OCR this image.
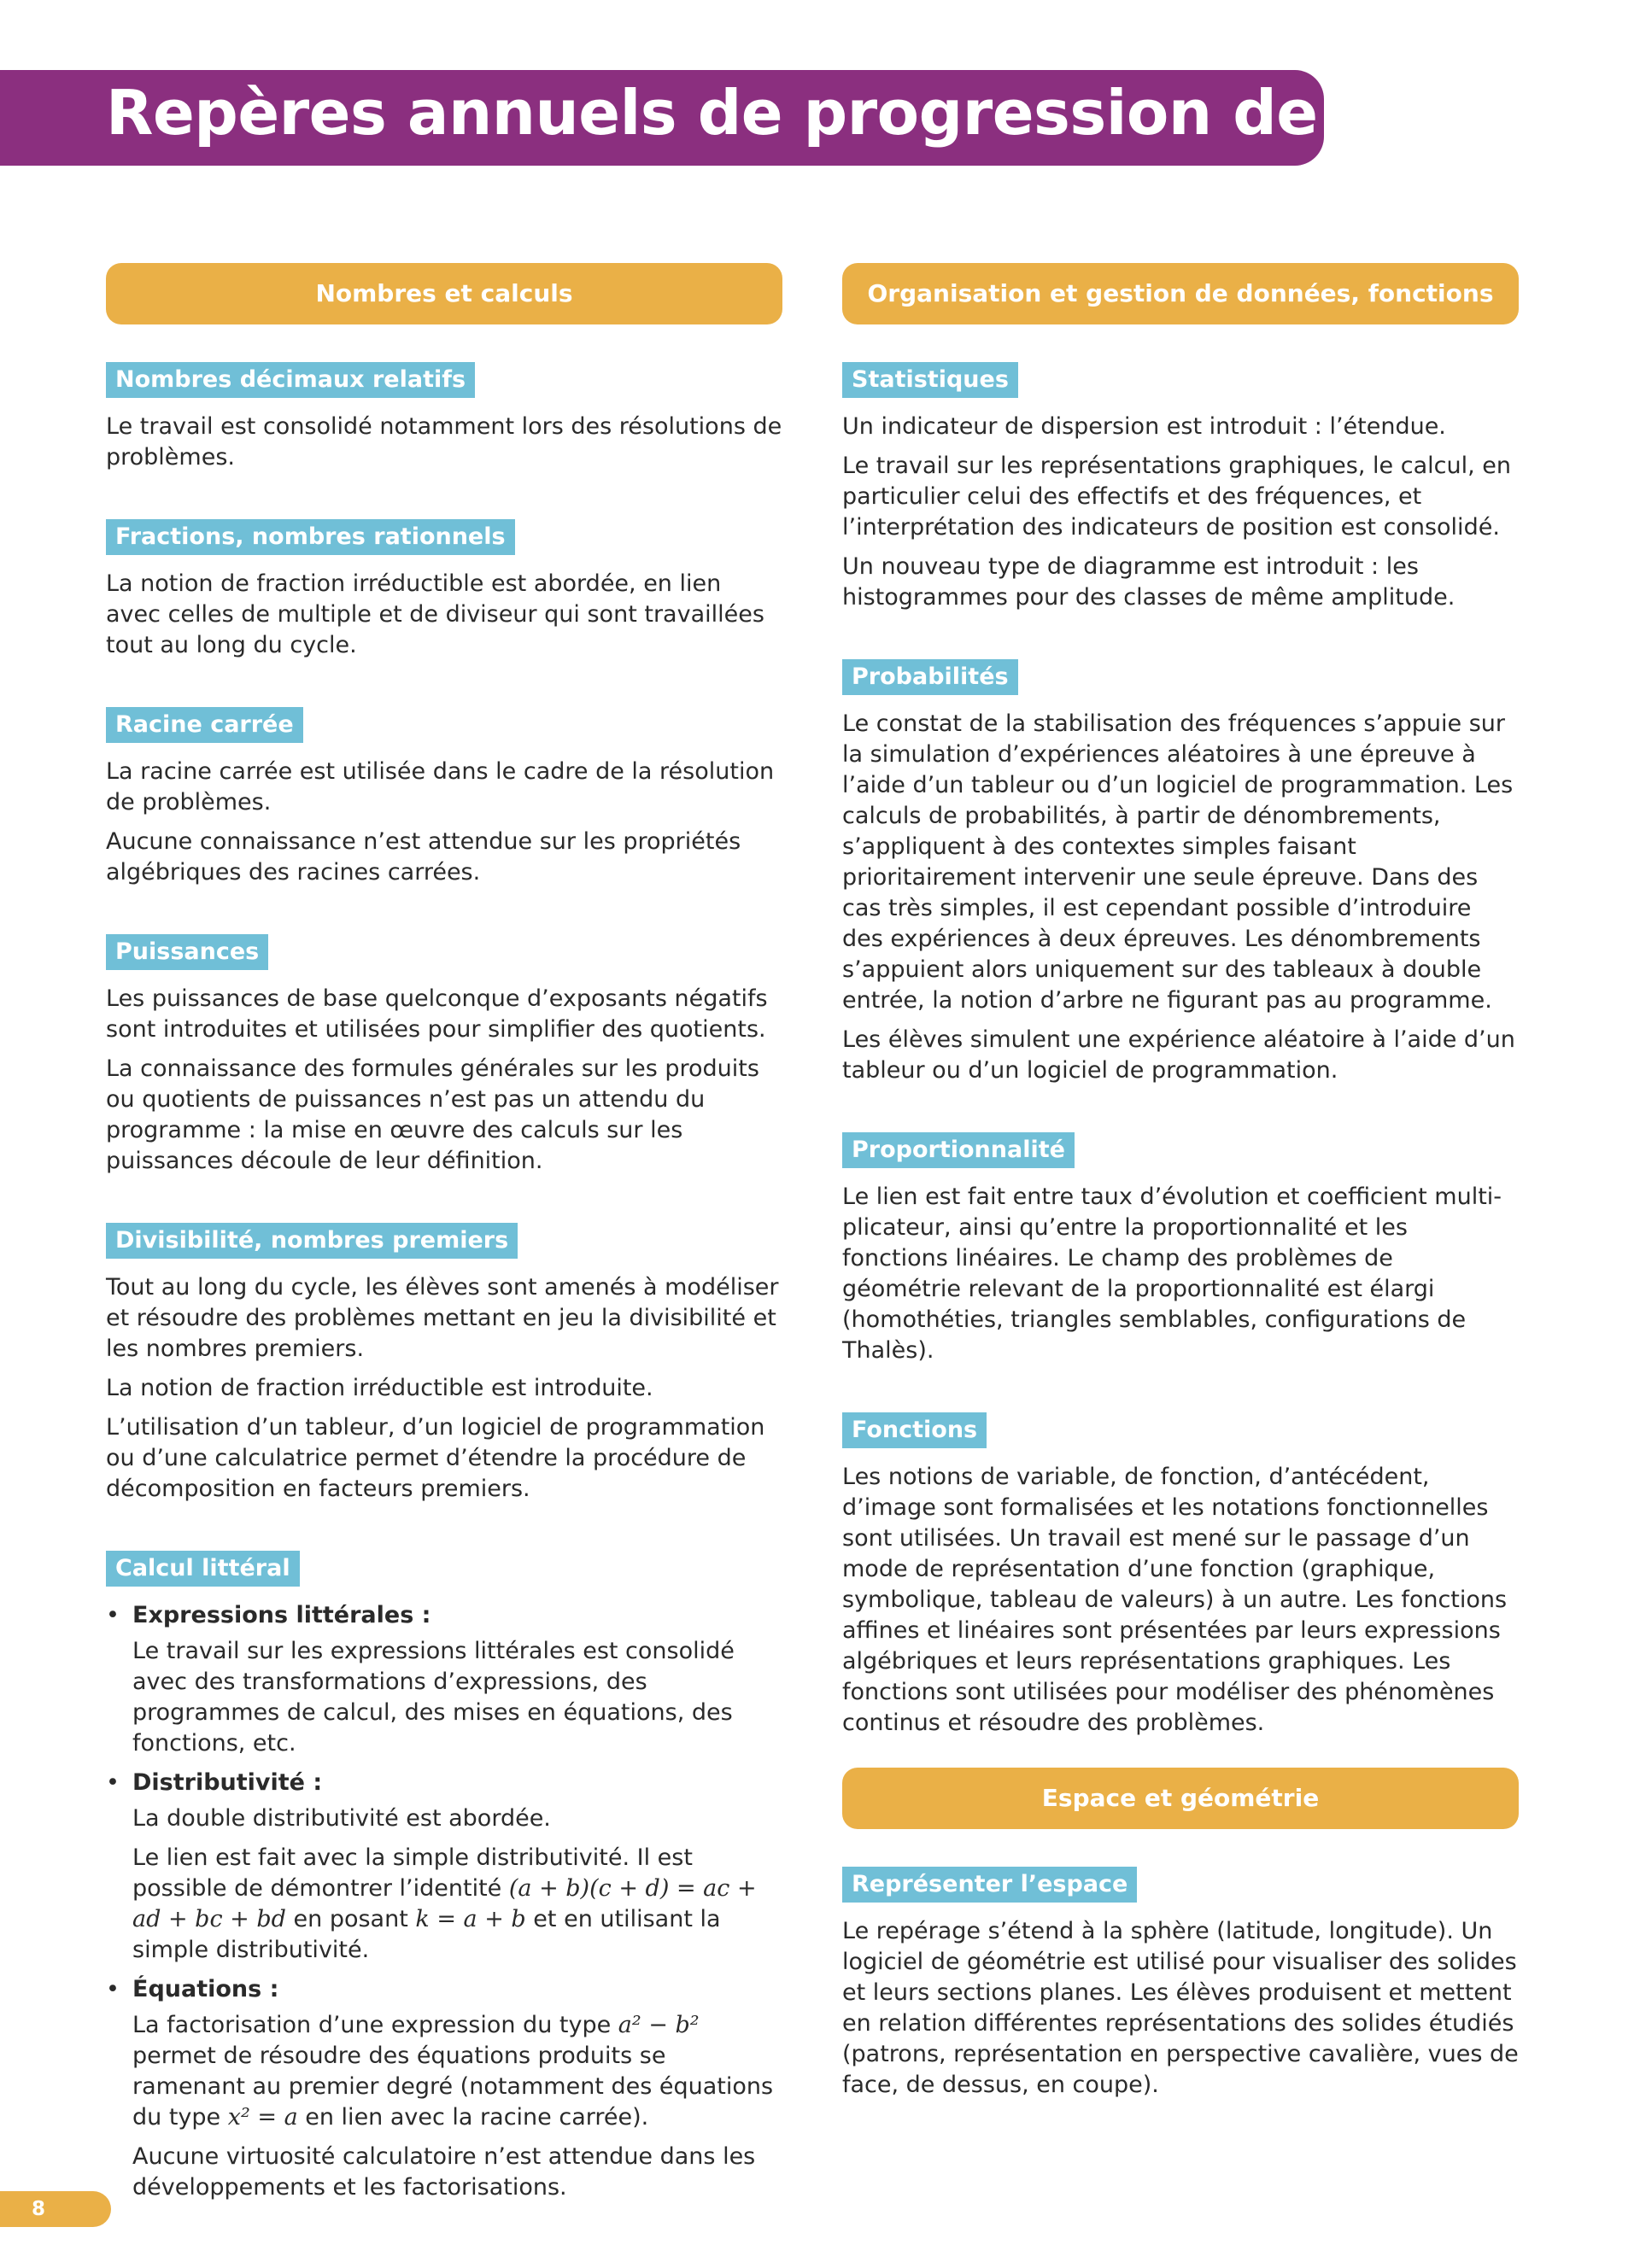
Repères annuels de progression de 3e
Nombres et calculs
Nombres décimaux relatifs

Le travail est consolidé notamment lors des résolutions de problèmes.

Fractions, nombres rationnels

La notion de fraction irréductible est abordée, en lien avec celles de multiple et de diviseur qui sont travaillées tout au long du cycle.

Racine carrée

La racine carrée est utilisée dans le cadre de la résolution de problèmes.

Aucune connaissance n’est attendue sur les propriétés algébriques des racines carrées.

Puissances

Les puissances de base quelconque d’exposants négatifs sont introduites et utilisées pour simplifier des quotients.

La connaissance des formules générales sur les produits ou quotients de puissances n’est pas un attendu du programme : la mise en œuvre des calculs sur les puissances découle de leur définition.

Divisibilité, nombres premiers

Tout au long du cycle, les élèves sont amenés à modéliser et résoudre des problèmes mettant en jeu la divisibilité et les nombres premiers.

La notion de fraction irréductible est introduite.

L’utilisation d’un tableur, d’un logiciel de programmation ou d’une calculatrice permet d’étendre la procédure de décomposition en facteurs premiers.

Calcul littéral
• Expressions littérales :

Le travail sur les expressions littérales est consolidé avec des transformations d’expressions, des programmes de calcul, des mises en équations, des fonctions, etc.

• Distributivité :

La double distributivité est abordée.

Le lien est fait avec la simple distributivité. Il est possible de démontrer l’identité (a + b)(c + d) = ac + ad + bc + bd en posant k = a + b et en utilisant la simple distributivité.

• Équations :

La factorisation d’une expression du type a² − b² permet de résoudre des équations produits se ramenant au premier degré (notamment des équations du type x² = a en lien avec la racine carrée).

Aucune virtuosité calculatoire n’est attendue dans les développements et les factorisations.

Organisation et gestion de données, fonctions
Statistiques

Un indicateur de dispersion est introduit : l’étendue.

Le travail sur les représentations graphiques, le calcul, en particulier celui des effectifs et des fréquences, et l’interprétation des indicateurs de position est consolidé.

Un nouveau type de diagramme est introduit : les histogrammes pour des classes de même amplitude.

Probabilités

Le constat de la stabilisation des fréquences s’appuie sur la simulation d’expériences aléatoires à une épreuve à l’aide d’un tableur ou d’un logiciel de programmation. Les calculs de probabilités, à partir de dénombrements, s’appliquent à des contextes simples faisant prioritairement intervenir une seule épreuve. Dans des cas très simples, il est cependant possible d’introduire des expériences à deux épreuves. Les dénombrements s’appuient alors uniquement sur des tableaux à double entrée, la notion d’arbre ne figurant pas au programme.

Les élèves simulent une expérience aléatoire à l’aide d’un tableur ou d’un logiciel de programmation.

Proportionnalité

Le lien est fait entre taux d’évolution et coefficient multi-plicateur, ainsi qu’entre la proportionnalité et les fonctions linéaires. Le champ des problèmes de géométrie relevant de la proportionnalité est élargi (homothéties, triangles semblables, configurations de Thalès).

Fonctions

Les notions de variable, de fonction, d’antécédent, d’image sont formalisées et les notations fonctionnelles sont utilisées. Un travail est mené sur le passage d’un mode de représentation d’une fonction (graphique, symbolique, tableau de valeurs) à un autre. Les fonctions affines et linéaires sont présentées par leurs expressions algébriques et leurs représentations graphiques. Les fonctions sont utilisées pour modéliser des phénomènes continus et résoudre des problèmes.

Espace et géométrie
Représenter l’espace

Le repérage s’étend à la sphère (latitude, longitude). Un logiciel de géométrie est utilisé pour visualiser des solides et leurs sections planes. Les élèves produisent et mettent en relation différentes représentations des solides étudiés (patrons, représentation en perspective cavalière, vues de face, de dessus, en coupe).

8
